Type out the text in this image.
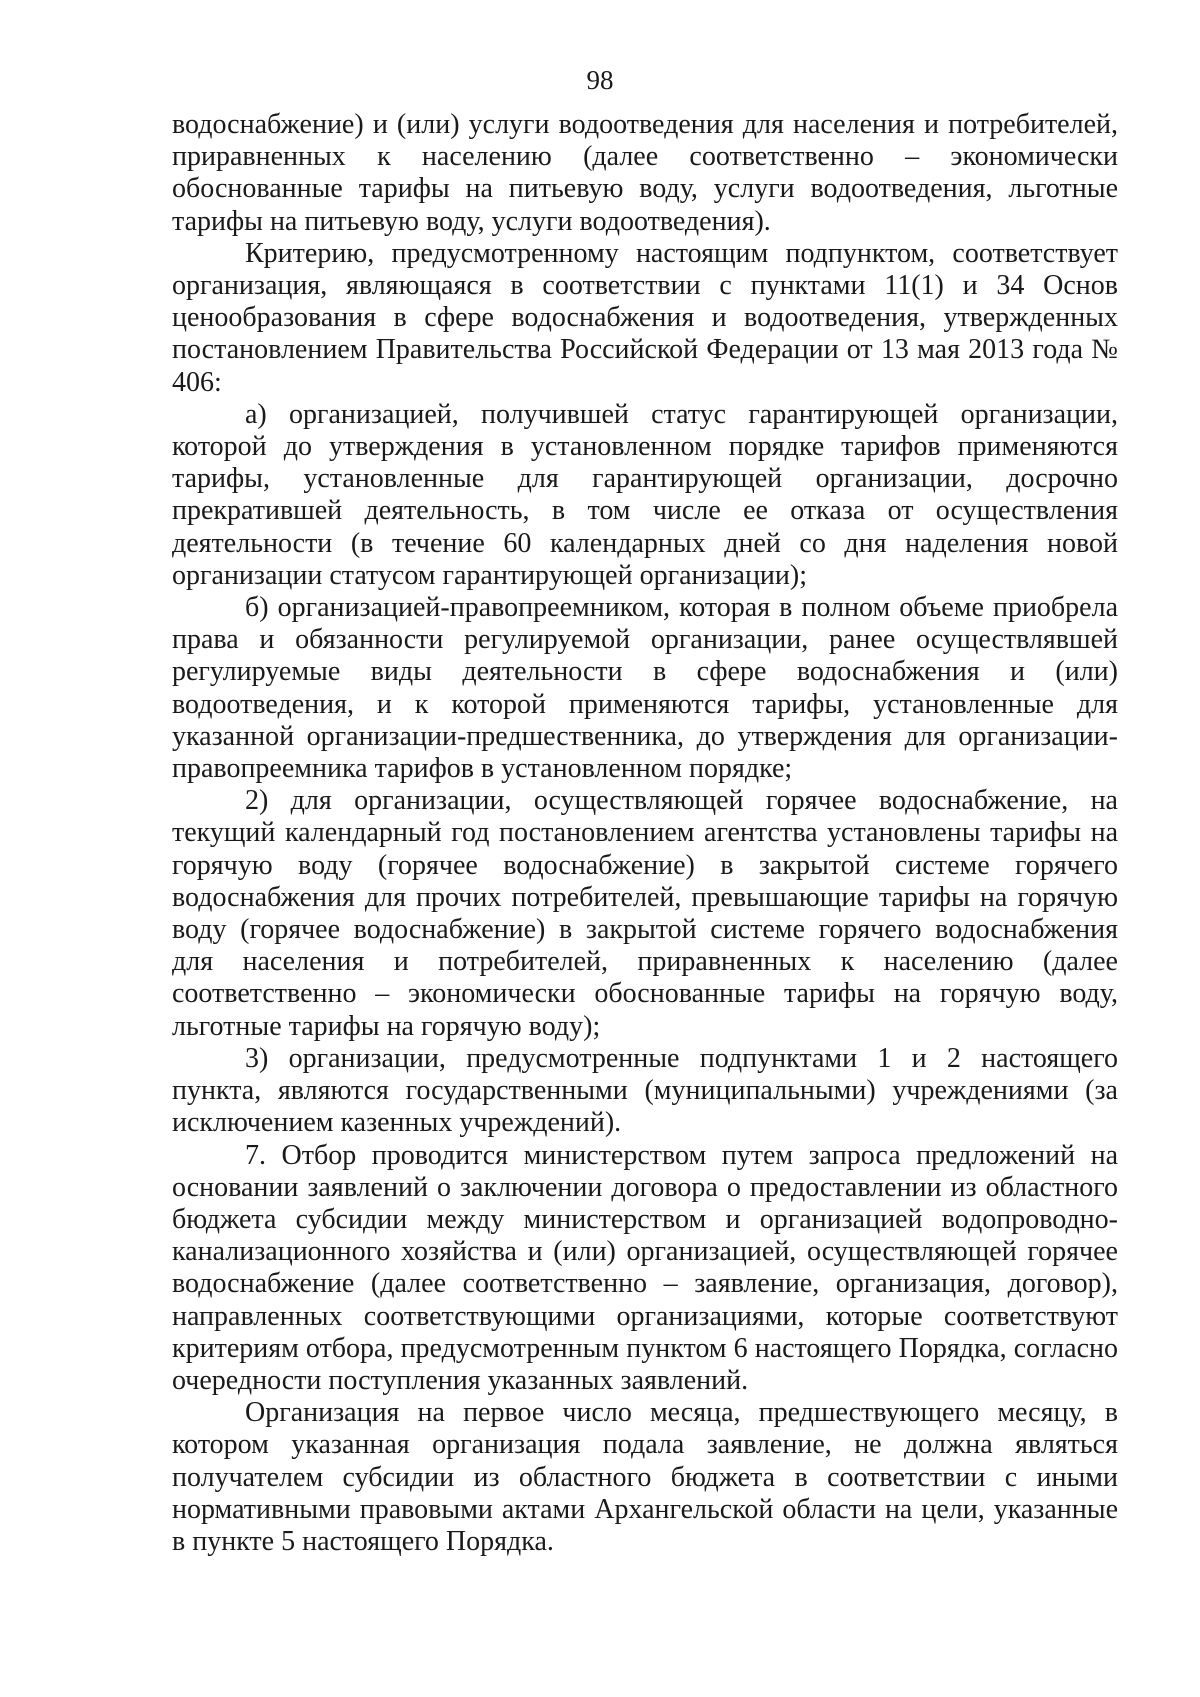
98

водоснабжение) и (или) услуги водоотведения для населения и потребителей, приравненных к населению (далее соответственно – экономически обоснованные тарифы на питьевую воду, услуги водоотведения, льготные тарифы на питьевую воду, услуги водоотведения).

Критерию, предусмотренному настоящим подпунктом, соответствует организация, являющаяся в соответствии с пунктами 11(1) и 34 Основ ценообразования в сфере водоснабжения и водоотведения, утвержденных постановлением Правительства Российской Федерации от 13 мая 2013 года № 406:

а) организацией, получившей статус гарантирующей организации, которой до утверждения в установленном порядке тарифов применяются тарифы, установленные для гарантирующей организации, досрочно прекратившей деятельность, в том числе ее отказа от осуществления деятельности (в течение 60 календарных дней со дня наделения новой организации статусом гарантирующей организации);

б) организацией-правопреемником, которая в полном объеме приобрела права и обязанности регулируемой организации, ранее осуществлявшей регулируемые виды деятельности в сфере водоснабжения и (или) водоотведения, и к которой применяются тарифы, установленные для указанной организации-предшественника, до утверждения для организации-правопреемника тарифов в установленном порядке;

2) для организации, осуществляющей горячее водоснабжение, на текущий календарный год постановлением агентства установлены тарифы на горячую воду (горячее водоснабжение) в закрытой системе горячего водоснабжения для прочих потребителей, превышающие тарифы на горячую воду (горячее водоснабжение) в закрытой системе горячего водоснабжения для населения и потребителей, приравненных к населению (далее соответственно – экономически обоснованные тарифы на горячую воду, льготные тарифы на горячую воду);

3) организации, предусмотренные подпунктами 1 и 2 настоящего пункта, являются государственными (муниципальными) учреждениями (за исключением казенных учреждений).

7. Отбор проводится министерством путем запроса предложений на основании заявлений о заключении договора о предоставлении из областного бюджета субсидии между министерством и организацией водопроводно-канализационного хозяйства и (или) организацией, осуществляющей горячее водоснабжение (далее соответственно – заявление, организация, договор), направленных соответствующими организациями, которые соответствуют критериям отбора, предусмотренным пунктом 6 настоящего Порядка, согласно очередности поступления указанных заявлений.

Организация на первое число месяца, предшествующего месяцу, в котором указанная организация подала заявление, не должна являться получателем субсидии из областного бюджета в соответствии с иными нормативными правовыми актами Архангельской области на цели, указанные в пункте 5 настоящего Порядка.
